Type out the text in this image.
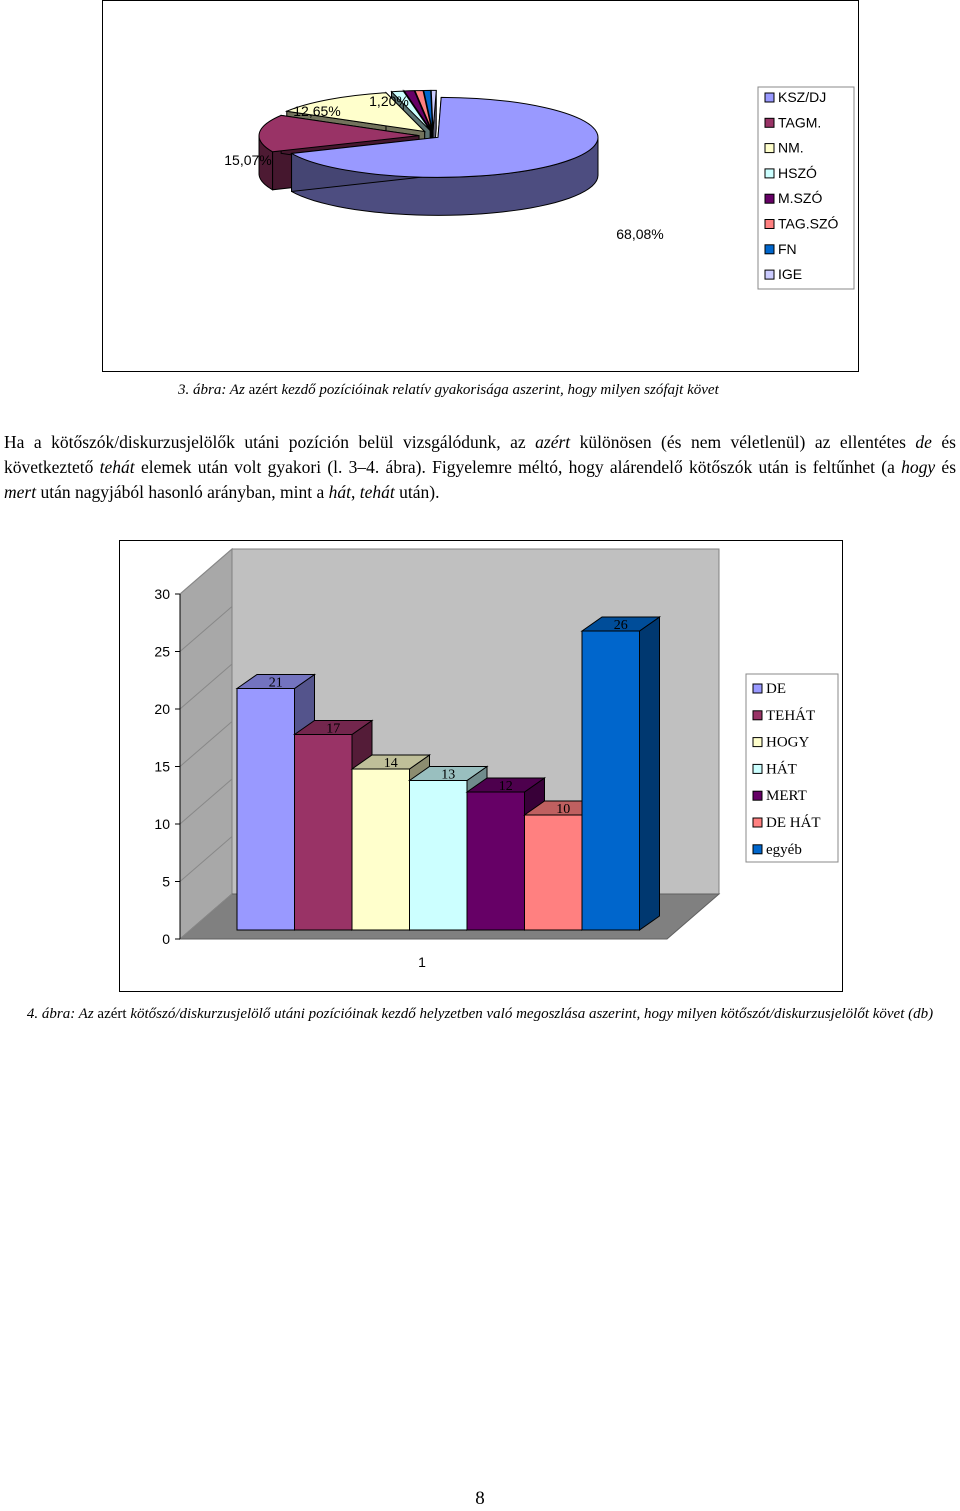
68,08%
15,07%
12,65%
1,20%	KSZ/DJ
TAGM.
NM.
HSZÓ
M.SZÓ
TAG.SZÓ
FN
IGE
3. ábra: Az azért kezdő pozícióinak relatív gyakorisága aszerint, hogy milyen szófajt követ
Ha a kötőszók/diskurzusjelölők utáni pozíción belül vizsgálódunk, az azért különösen (és nem véletlenül) az ellentétes de és következtető tehát elemek után volt gyakori (l. 3–4. ábra). Figyelemre méltó, hogy alárendelő kötőszók után is feltűnhet (a hogy és mert után nagyjából hasonló arányban, mint a hát, tehát után).
0
5
10
15
20
25
30
21
17
14
13
12
10
26
1
DE
TEHÁT
HOGY
HÁT
MERT
DE HÁT
egyéb
4. ábra: Az azért kötőszó/diskurzusjelölő utáni pozícióinak kezdő helyzetben való megoszlása aszerint, hogy milyen kötőszót/diskurzusjelölőt követ (db)
8
